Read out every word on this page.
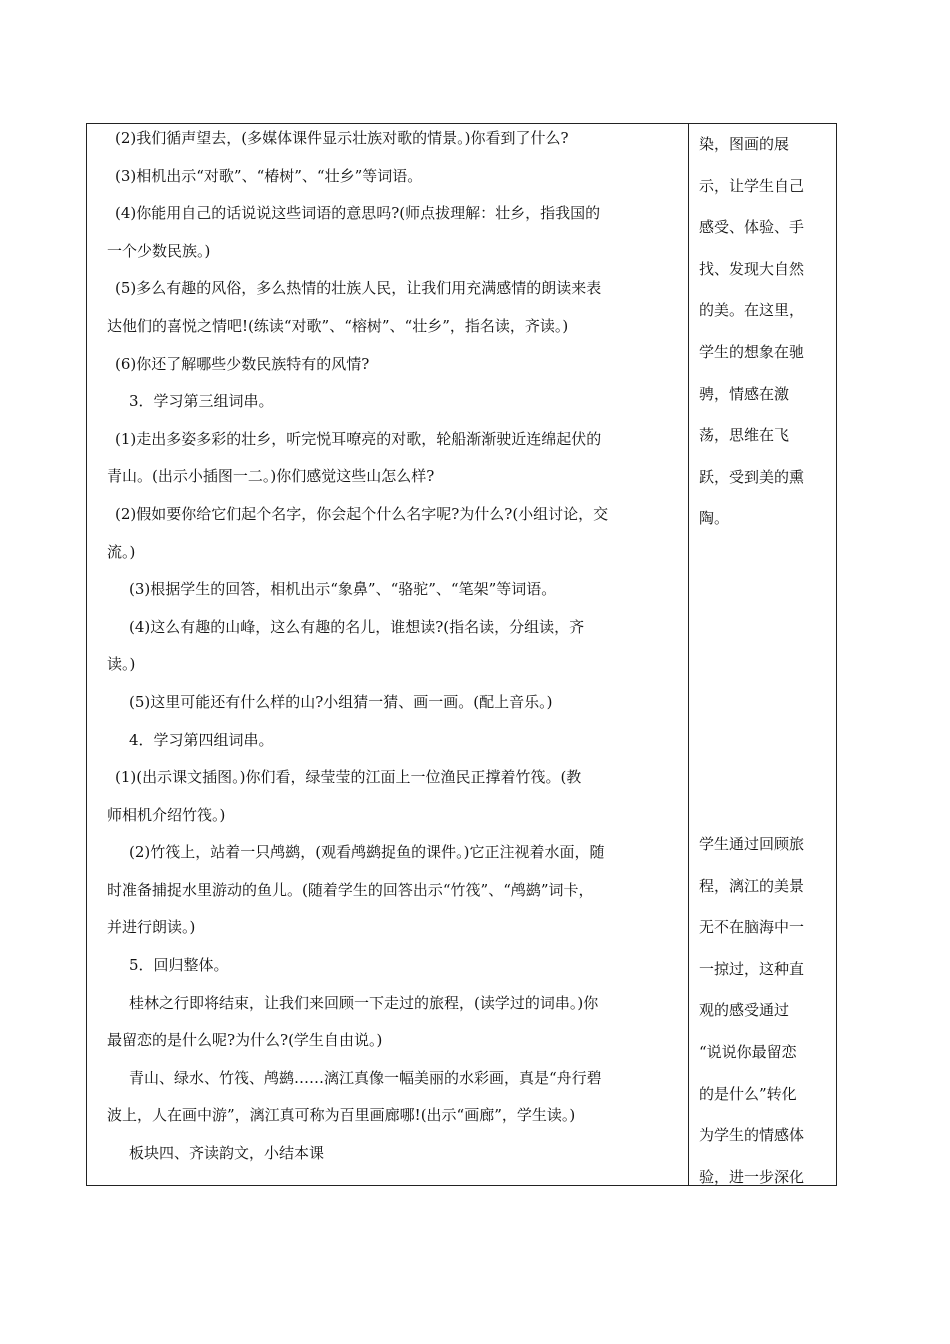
(2)我们循声望去，(多媒体课件显示壮族对歌的情景。)你看到了什么?
(3)相机出示“对歌”、“椿树”、“壮乡”等词语。
(4)你能用自己的话说说这些词语的意思吗?(师点拔理解：壮乡，指我国的
一个少数民族。)
(5)多么有趣的风俗，多么热情的壮族人民，让我们用充满感情的朗读来表
达他们的喜悦之情吧!(练读“对歌”、“榕树”、“壮乡”，指名读，齐读。)
(6)你还了解哪些少数民族特有的风情?
3．学习第三组词串。
(1)走出多姿多彩的壮乡，听完悦耳嘹亮的对歌，轮船渐渐驶近连绵起伏的
青山。(出示小插图一二。)你们感觉这些山怎么样?
(2)假如要你给它们起个名字，你会起个什么名字呢?为什么?(小组讨论，交
流。)
(3)根据学生的回答，相机出示“象鼻”、“骆驼”、“笔架”等词语。
(4)这么有趣的山峰，这么有趣的名儿，谁想读?(指名读，分组读，齐
读。)
(5)这里可能还有什么样的山?小组猜一猜、画一画。(配上音乐。)
4．学习第四组词串。
(1)(出示课文插图。)你们看，绿莹莹的江面上一位渔民正撑着竹筏。(教
师相机介绍竹筏。)
(2)竹筏上，站着一只鸬鹚，(观看鸬鹚捉鱼的课件。)它正注视着水面，随
时准备捕捉水里游动的鱼儿。(随着学生的回答出示“竹筏”、“鸬鹚”词卡，
并进行朗读。)
5．回归整体。
桂林之行即将结束，让我们来回顾一下走过的旅程，(读学过的词串。)你
最留恋的是什么呢?为什么?(学生自由说。)
青山、绿水、竹筏、鸬鹚……漓江真像一幅美丽的水彩画，真是“舟行碧
波上，人在画中游”，漓江真可称为百里画廊哪!(出示“画廊”，学生读。)
板块四、齐读韵文，小结本课
染，图画的展
示，让学生自己
感受、体验、手
找、发现大自然
的美。在这里，
学生的想象在驰
骋，情感在激
荡，思维在飞
跃，受到美的熏
陶。
学生通过回顾旅
程，漓江的美景
无不在脑海中一
一掠过，这种直
观的感受通过
“说说你最留恋
的是什么”转化
为学生的情感体
验，进一步深化
